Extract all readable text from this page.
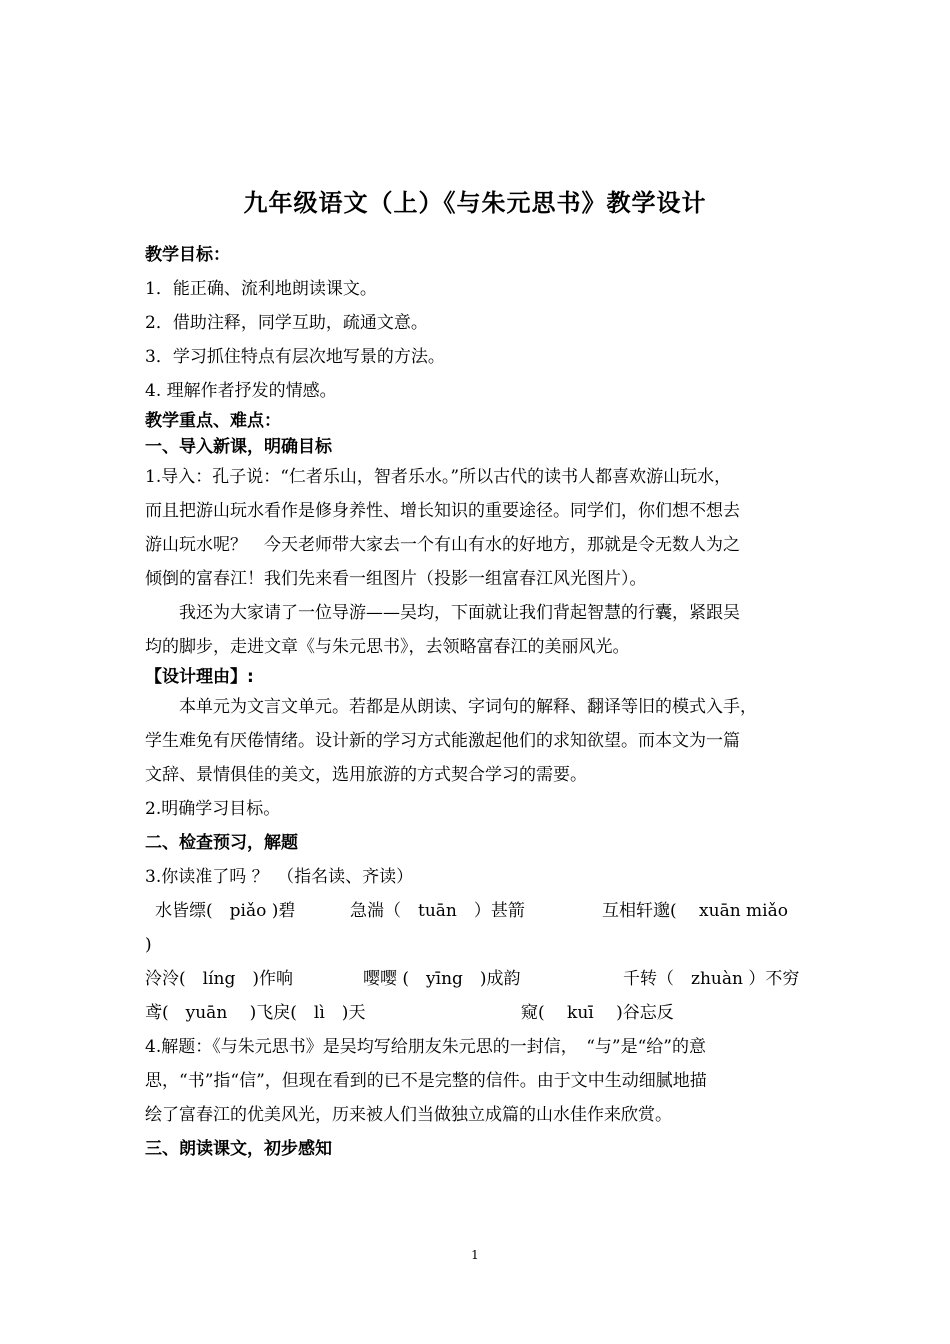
九年级语文（上）《与朱元思书》教学设计
教学目标：
1．能正确、流利地朗读课文。
2．借助注释，同学互助，疏通文意。
3．学习抓住特点有层次地写景的方法。
4. 理解作者抒发的情感。
教学重点、难点：
一、导入新课，明确目标
1.导入：孔子说：“仁者乐山，智者乐水。”所以古代的读书人都喜欢游山玩水，
而且把游山玩水看作是修身养性、增长知识的重要途径。同学们，你们想不想去
游山玩水呢？　今天老师带大家去一个有山有水的好地方，那就是令无数人为之
倾倒的富春江！我们先来看一组图片（投影一组富春江风光图片）。
我还为大家请了一位导游——吴均，下面就让我们背起智慧的行囊，紧跟吴
均的脚步，走进文章《与朱元思书》，去领略富春江的美丽风光。
【设计理由】:
本单元为文言文单元。若都是从朗读、字词句的解释、翻译等旧的模式入手，
学生难免有厌倦情绪。设计新的学习方式能激起他们的求知欲望。而本文为一篇
文辞、景情俱佳的美文，选用旅游的方式契合学习的需要。
2.明确学习目标。
二、检查预习，解题
3.你读准了吗 ？　（指名读、齐读）
水皆缥(　piǎo )碧	急湍（　tuān　）甚箭	互相轩邈(　 xuān miǎo
)
泠泠(　líng　)作响	嘤嘤 (　yīng　)成韵	千转（　zhuàn ）不穷
鸢(　yuān　 )飞戾(　lì　)天	窥(　 kuī　 )谷忘反
4.解题：《与朱元思书》是吴均写给朋友朱元思的一封信，　“与”是“给”的意
思，“书”指“信”，但现在看到的已不是完整的信件。由于文中生动细腻地描
绘了富春江的优美风光，历来被人们当做独立成篇的山水佳作来欣赏。
三、朗读课文，初步感知
1
